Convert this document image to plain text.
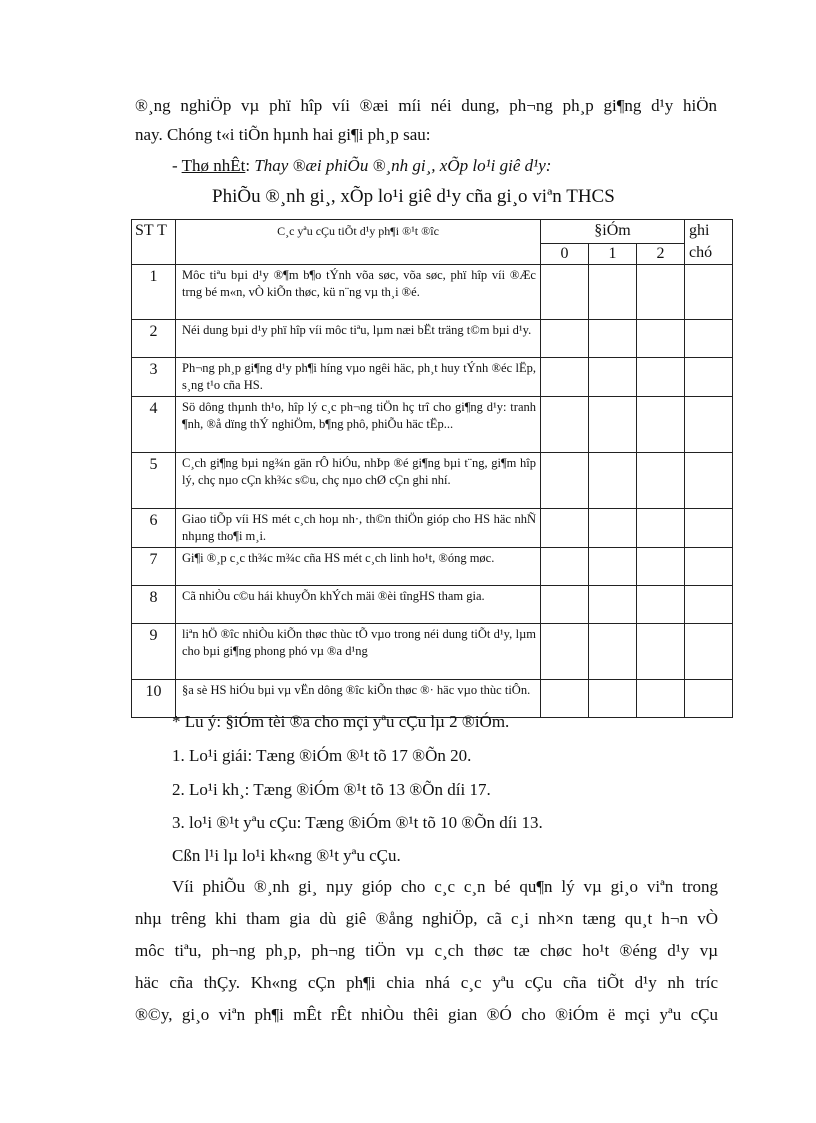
®¸ng nghiÖp vµ phï hîp víi ®æi míi néi dung, ph¬ng ph¸p gi¶ng d¹y hiÖn
nay. Chóng t«i tiÕn hµnh hai gi¶i ph¸p sau:
- Thø nhÊt: Thay ®æi phiÕu ®¸nh gi¸, xÕp lo¹i giê d¹y:
PhiÕu ®¸nh gi¸, xÕp lo¹i giê d¹y cña gi¸o viªn THCS
ST T	C¸c yªu cÇu tiÕt d¹y ph¶i ®¹t ®îc	§iÓm			ghi chó
		0	1	2	
1	Môc tiªu bµi d¹y ®¶m b¶o tÝnh võa søc, võa søc, phï hîp víi ®Æc trng bé m«n, vÒ kiÕn thøc, kü n¨ng vµ th¸i ®é.				
2	Néi dung bµi d¹y phï hîp víi môc tiªu, lµm næi bËt träng t©m bµi d¹y.				
3	Ph¬ng ph¸p gi¶ng d¹y ph¶i híng vµo ngêi häc, ph¸t huy tÝnh ®éc lËp, s¸ng t¹o cña HS.				
4	Sö dông thµnh th¹o, hîp lý c¸c ph¬ng tiÖn hç trî cho gi¶ng d¹y: tranh ¶nh, ®å dïng thÝ nghiÖm, b¶ng phô, phiÕu häc tËp...				
5	C¸ch gi¶ng bµi ng¾n gän rÔ hiÓu, nhÞp ®é gi¶ng bµi t¨ng, gi¶m hîp lý, chç nµo cÇn kh¾c s©u, chç nµo chØ cÇn ghi nhí.				
6	Giao tiÕp víi HS mét c¸ch hoµ nh·, th©n thiÖn gióp cho HS häc nhÑ nhµng tho¶i m¸i.				
7	Gi¶i ®¸p c¸c th¾c m¾c cña HS mét c¸ch linh ho¹t, ®óng møc.				
8	Cã nhiÒu c©u hái khuyÕn khÝch mäi ®èi tîngHS tham gia.				
9	liªn hÖ ®îc nhiÒu kiÕn thøc thùc tÕ vµo trong néi dung tiÕt d¹y, lµm cho bµi gi¶ng phong phó vµ ®a d¹ng				
10	§a sè HS hiÓu bµi vµ vËn dông ®îc kiÕn thøc ®· häc vµo thùc tiÔn.				
* Lu ý: §iÓm tèi ®a cho mçi yªu cÇu lµ 2 ®iÓm.
1. Lo¹i giái: Tæng ®iÓm ®¹t tõ 17 ®Õn 20.
2. Lo¹i kh¸: Tæng ®iÓm ®¹t tõ 13 ®Õn díi 17.
3. lo¹i ®¹t yªu cÇu: Tæng ®iÓm ®¹t tõ 10 ®Õn díi 13.
Cßn l¹i lµ lo¹i kh«ng ®¹t yªu cÇu.
Víi phiÕu ®¸nh gi¸ nµy gióp cho c¸c c¸n bé qu¶n lý vµ gi¸o viªn trong
nhµ trêng khi tham gia dù giê ®ång nghiÖp, cã c¸i nh×n tæng qu¸t h¬n vÒ
môc tiªu, ph¬ng ph¸p, ph¬ng tiÖn vµ c¸ch thøc tæ chøc ho¹t ®éng d¹y vµ
häc cña thÇy. Kh«ng cÇn ph¶i chia nhá c¸c yªu cÇu cña tiÕt d¹y nh tríc
®©y, gi¸o viªn ph¶i mÊt rÊt nhiÒu thêi gian ®Ó cho ®iÓm ë mçi yªu cÇu
